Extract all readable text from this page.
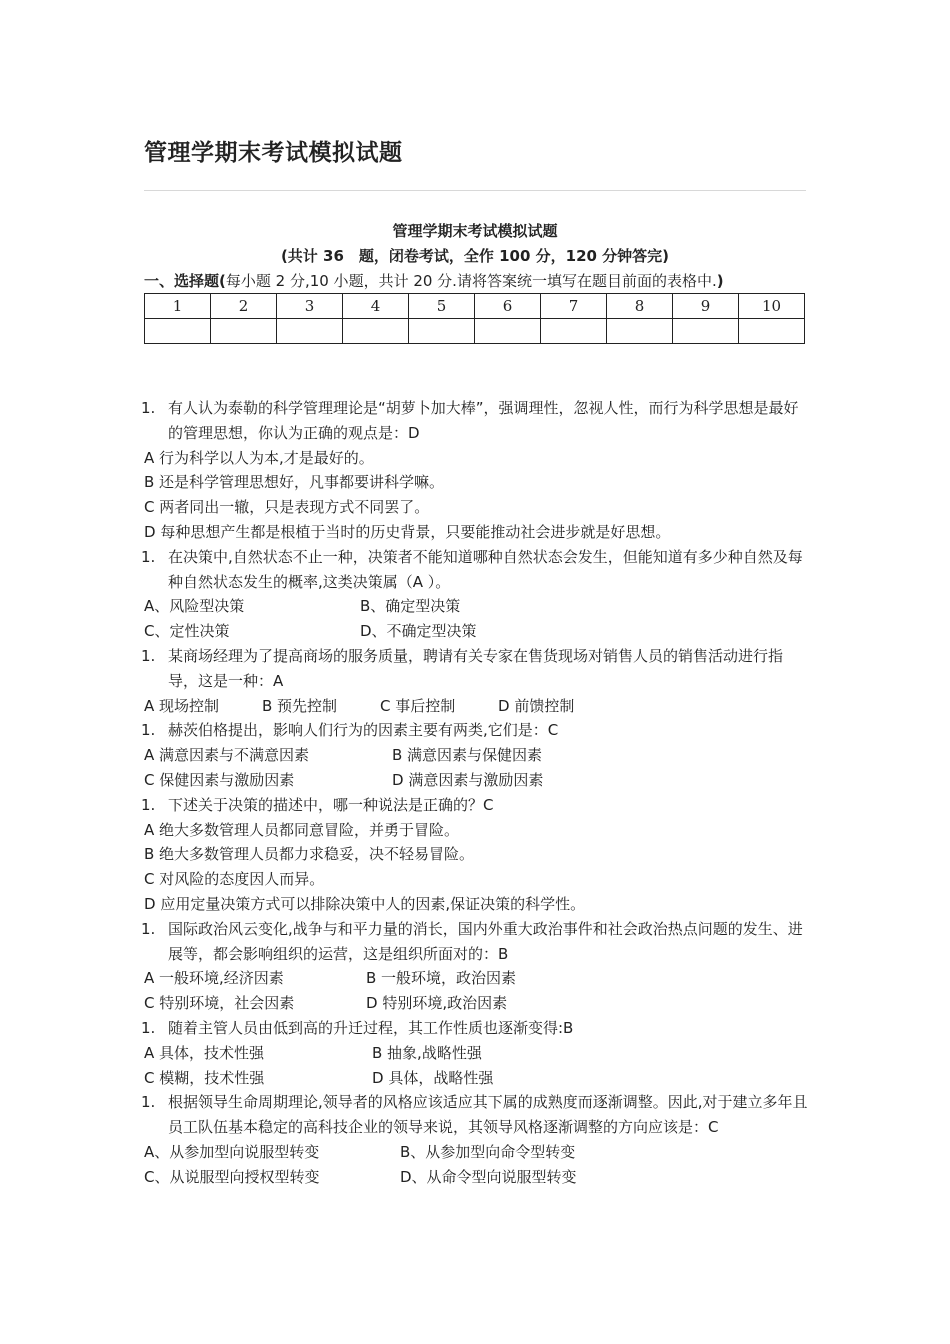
管理学期末考试模拟试题
管理学期末考试模拟试题
(共计 36　题，闭卷考试，全作 100 分，120 分钟答完)
一、选择题(每小题 2 分,10 小题，共计 20 分.请将答案统一填写在题目前面的表格中.)
1	2	3	4	5	6	7	8	9	10

1. 有人认为泰勒的科学管理理论是“胡萝卜加大棒”，强调理性，忽视人性，而行为科学思想是最好的管理思想，你认为正确的观点是：D
A 行为科学以人为本,才是最好的。
B 还是科学管理思想好，凡事都要讲科学嘛。
C 两者同出一辙，只是表现方式不同罢了。
D 每种思想产生都是根植于当时的历史背景，只要能推动社会进步就是好思想。
1. 在决策中,自然状态不止一种，决策者不能知道哪种自然状态会发生，但能知道有多少种自然及每种自然状态发生的概率,这类决策属（A ）。
A、风险型决策	B、确定型决策
C、定性决策	D、不确定型决策
1. 某商场经理为了提高商场的服务质量，聘请有关专家在售货现场对销售人员的销售活动进行指导，这是一种：A
A 现场控制	B 预先控制	C 事后控制	D 前馈控制
1. 赫茨伯格提出，影响人们行为的因素主要有两类,它们是：C
A 满意因素与不满意因素	B 满意因素与保健因素
C 保健因素与激励因素	D 满意因素与激励因素
1. 下述关于决策的描述中，哪一种说法是正确的？C
A 绝大多数管理人员都同意冒险，并勇于冒险。
B 绝大多数管理人员都力求稳妥，决不轻易冒险。
C 对风险的态度因人而异。
D 应用定量决策方式可以排除决策中人的因素,保证决策的科学性。
1. 国际政治风云变化,战争与和平力量的消长，国内外重大政治事件和社会政治热点问题的发生、进展等，都会影响组织的运营，这是组织所面对的：B
A 一般环境,经济因素	B 一般环境，政治因素
C 特别环境，社会因素	D 特别环境,政治因素
1. 随着主管人员由低到高的升迁过程，其工作性质也逐渐变得:B
A 具体，技术性强	B 抽象,战略性强
C 模糊，技术性强	D 具体，战略性强
1. 根据领导生命周期理论,领导者的风格应该适应其下属的成熟度而逐渐调整。因此,对于建立多年且员工队伍基本稳定的高科技企业的领导来说，其领导风格逐渐调整的方向应该是：C
A、从参加型向说服型转变	B、从参加型向命令型转变
C、从说服型向授权型转变	D、从命令型向说服型转变
